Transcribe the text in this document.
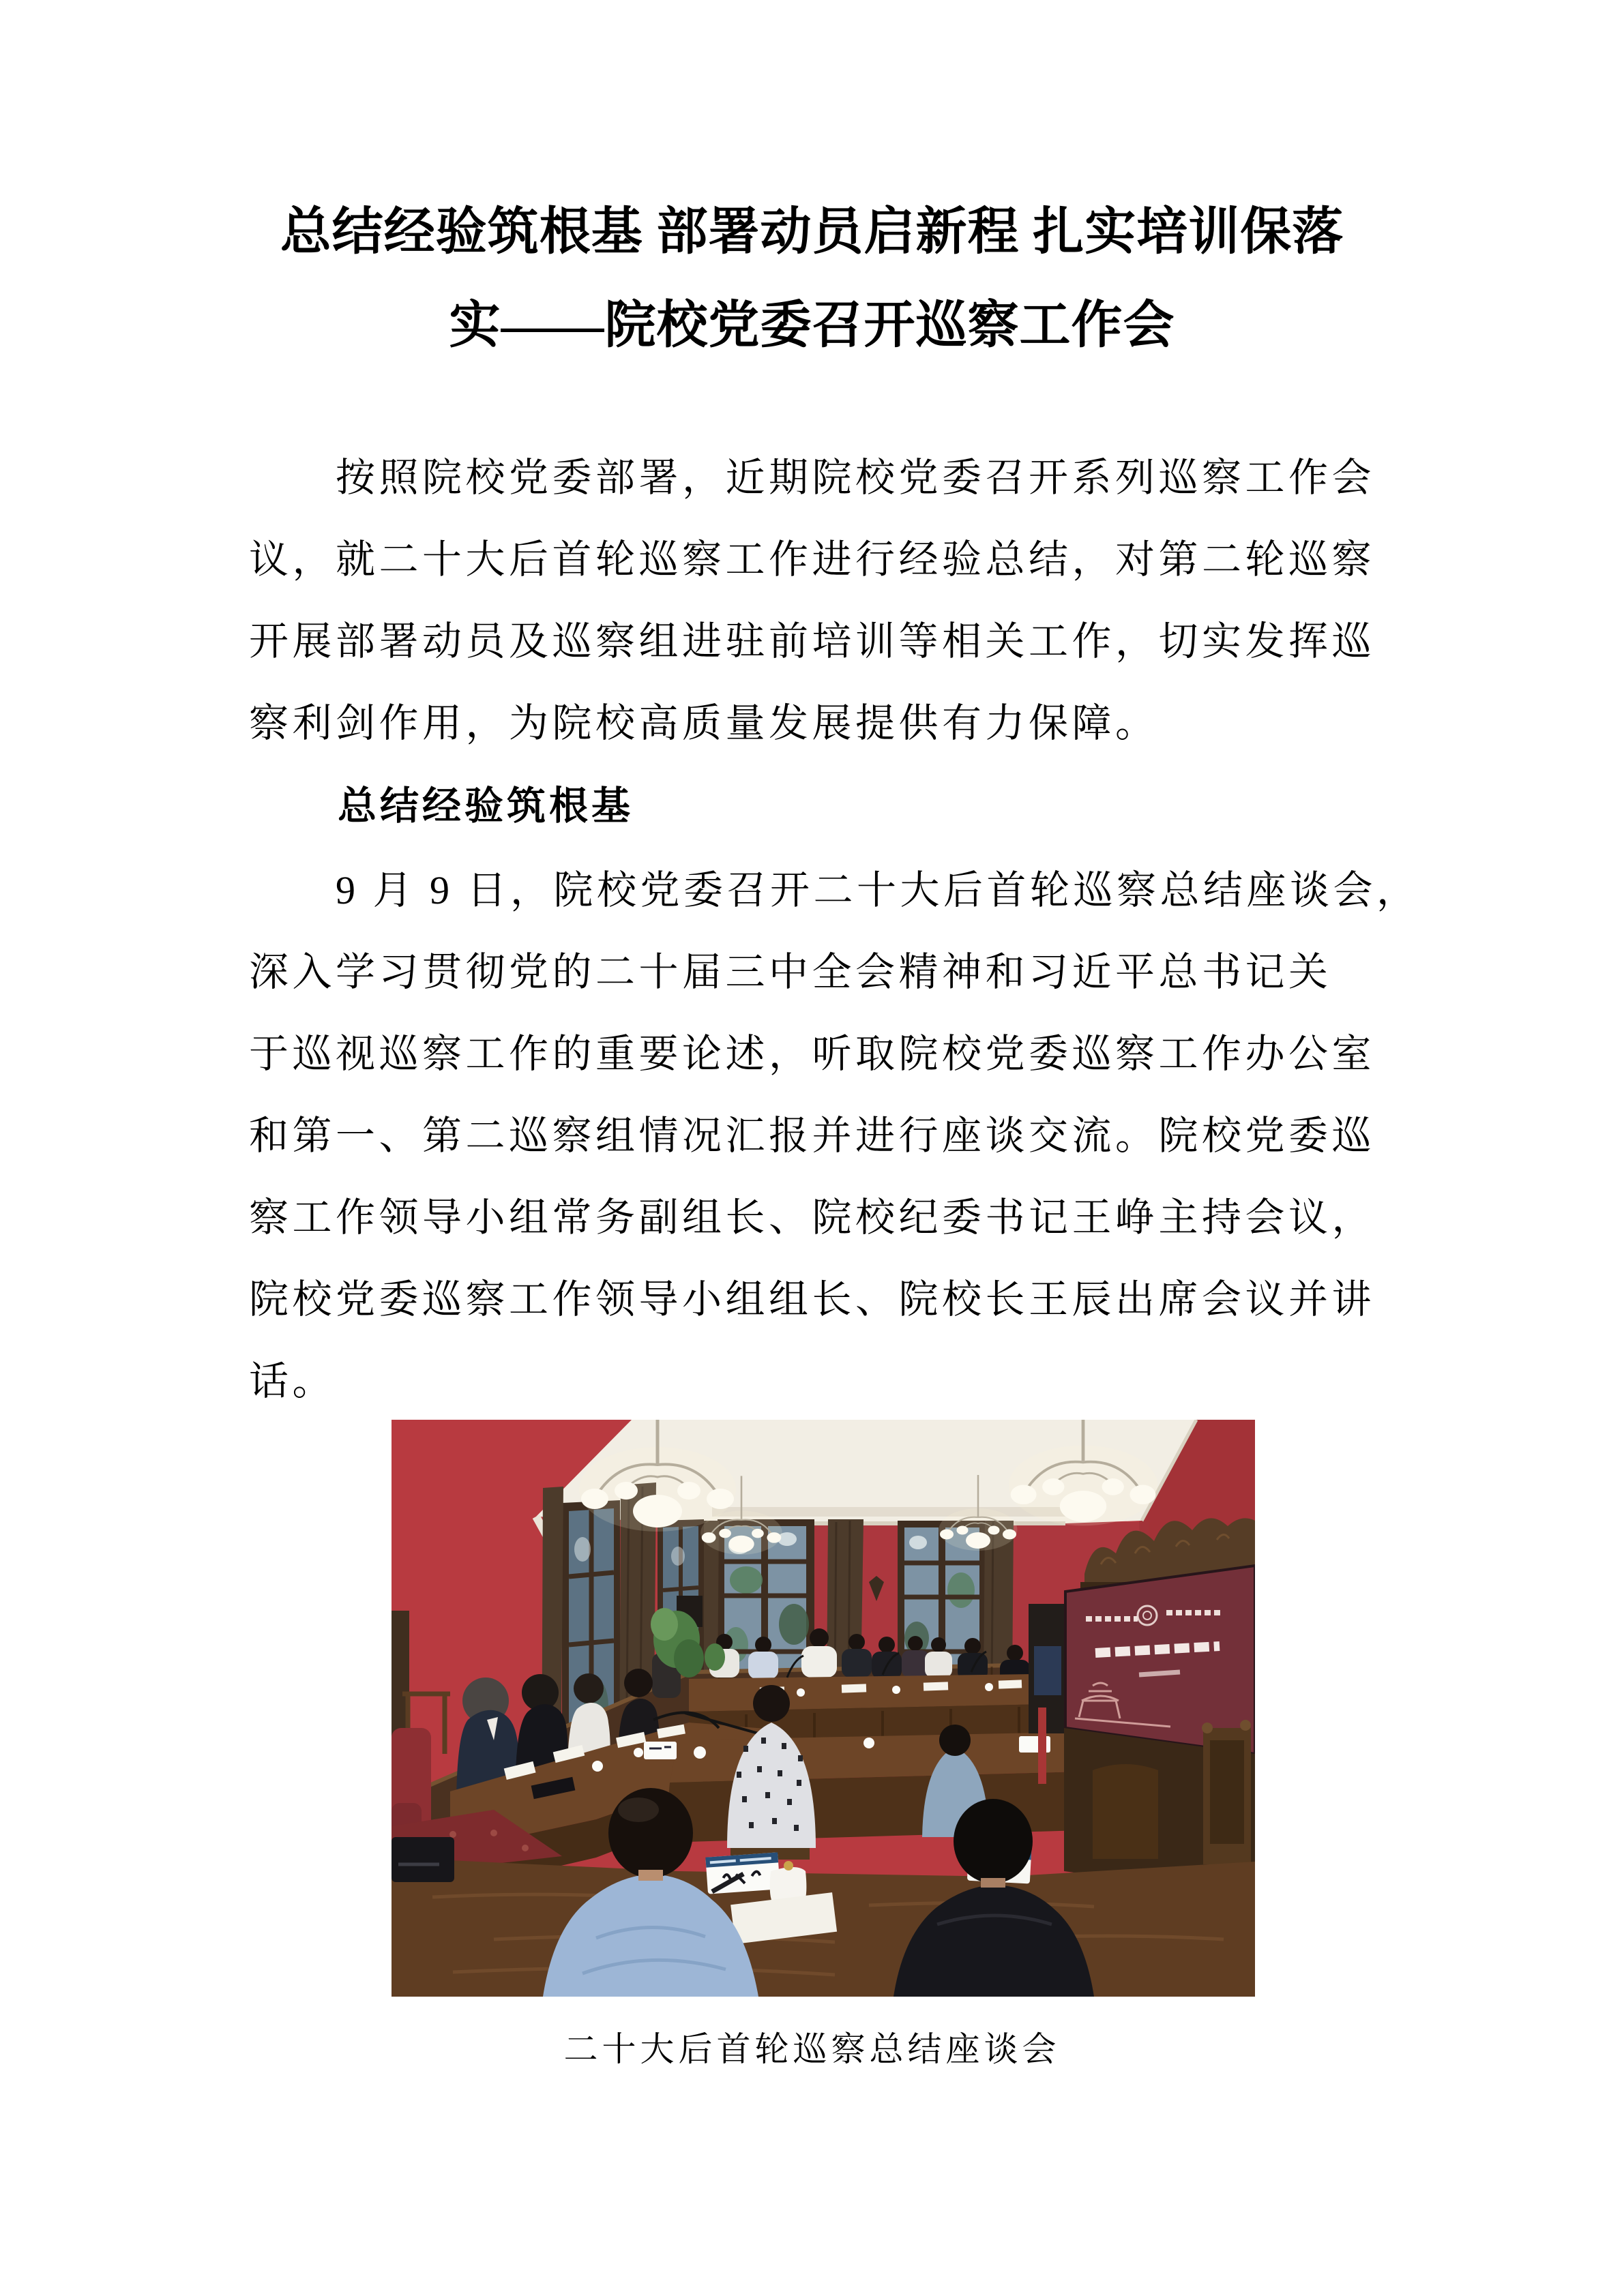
总结经验筑根基 部署动员启新程 扎实培训保落
实——院校党委召开巡察工作会
按照院校党委部署，近期院校党委召开系列巡察工作会
议，就二十大后首轮巡察工作进行经验总结，对第二轮巡察
开展部署动员及巡察组进驻前培训等相关工作，切实发挥巡
察利剑作用，为院校高质量发展提供有力保障。
总结经验筑根基
9 月 9 日，院校党委召开二十大后首轮巡察总结座谈会，
深入学习贯彻党的二十届三中全会精神和习近平总书记关
于巡视巡察工作的重要论述，听取院校党委巡察工作办公室
和第一、第二巡察组情况汇报并进行座谈交流。院校党委巡
察工作领导小组常务副组长、院校纪委书记王峥主持会议，
院校党委巡察工作领导小组组长、院校长王辰出席会议并讲
话。
二十大后首轮巡察总结座谈会
